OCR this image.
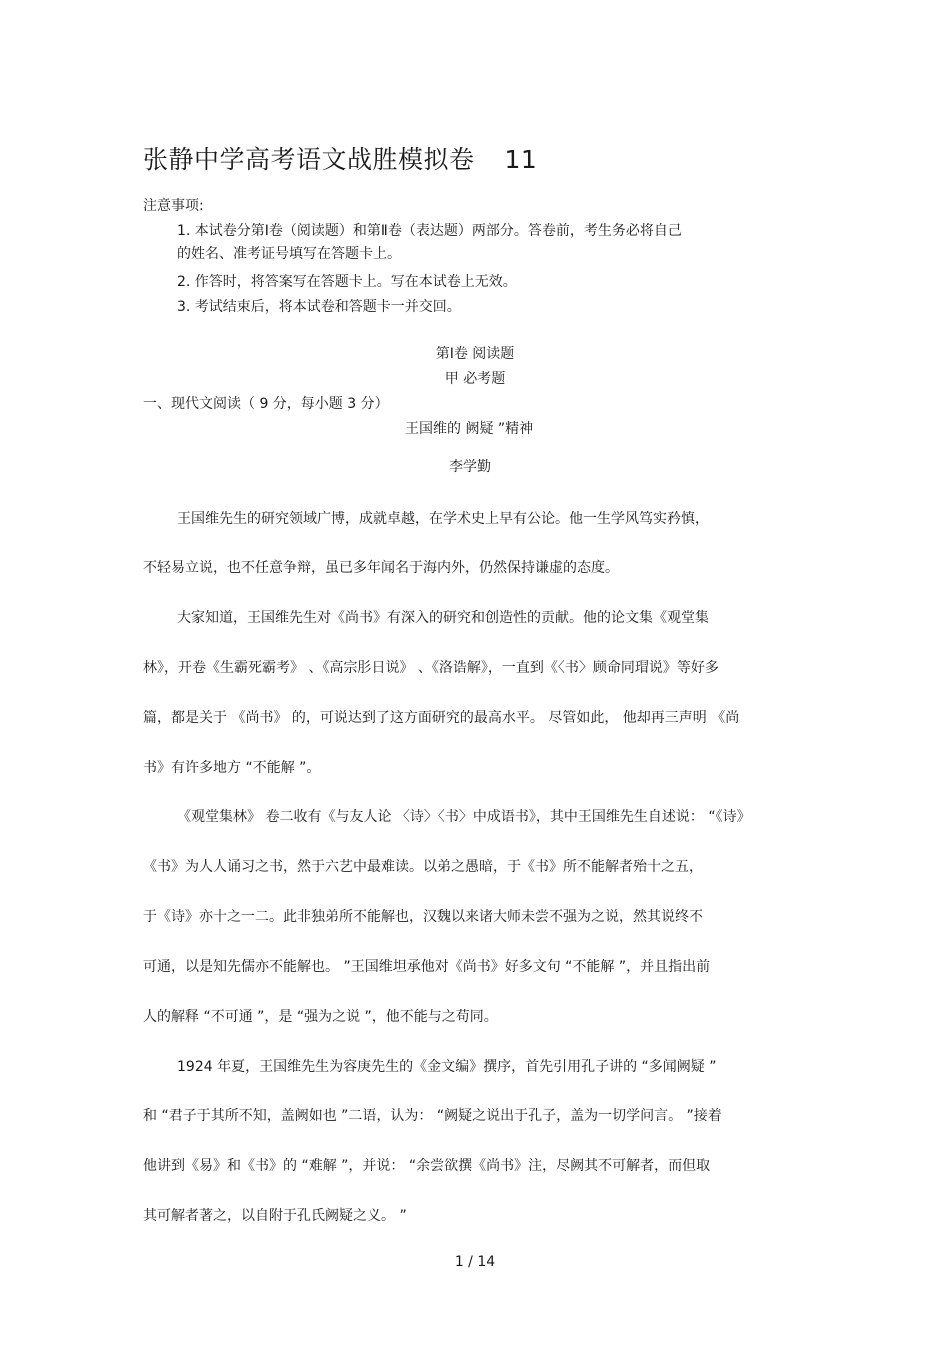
张静中学高考语文战胜模拟卷 11
注意事项:
1. 本试卷分第Ⅰ卷（阅读题）和第Ⅱ卷（表达题）两部分。答卷前，考生务必将自己
的姓名、准考证号填写在答题卡上。
2. 作答时，将答案写在答题卡上。写在本试卷上无效。
3. 考试结束后，将本试卷和答题卡一并交回。
第Ⅰ卷 阅读题
甲 必考题
一、现代文阅读（ 9 分，每小题 3 分）
王国维的 阙疑 ”精神
李学勤
王国维先生的研究领域广博，成就卓越，在学术史上早有公论。他一生学风笃实矜慎，
不轻易立说，也不任意争辩，虽已多年闻名于海内外，仍然保持谦虚的态度。
大家知道，王国维先生对《尚书》有深入的研究和创造性的贡献。他的论文集《观堂集
林》，开卷《生霸死霸考》 、《高宗肜日说》 、《洛诰解》，一直到《〈书〉顾命同瑁说》等好多
篇，都是关于 《尚书》 的，可说达到了这方面研究的最高水平。 尽管如此， 他却再三声明 《尚
书》有许多地方 “不能解 ”。
《观堂集林》 卷二收有《与友人论 〈诗〉〈书〉中成语书》，其中王国维先生自述说： “《诗》
《书》为人人诵习之书，然于六艺中最难读。以弟之愚暗，于《书》所不能解者殆十之五，
于《诗》亦十之一二。此非独弟所不能解也，汉魏以来诸大师未尝不强为之说，然其说终不
可通，以是知先儒亦不能解也。 ”王国维坦承他对《尚书》好多文句 “不能解 ”，并且指出前
人的解释 “不可通 ”，是 “强为之说 ”，他不能与之苟同。
1924 年夏，王国维先生为容庚先生的《金文编》撰序，首先引用孔子讲的 “多闻阙疑 ”
和 “君子于其所不知，盖阙如也 ”二语，认为： “阙疑之说出于孔子，盖为一切学问言。 ”接着
他讲到《易》和《书》的 “难解 ”，并说： “余尝欲撰《尚书》注，尽阙其不可解者，而但取
其可解者著之，以自附于孔氏阙疑之义。 ”
1 / 14
